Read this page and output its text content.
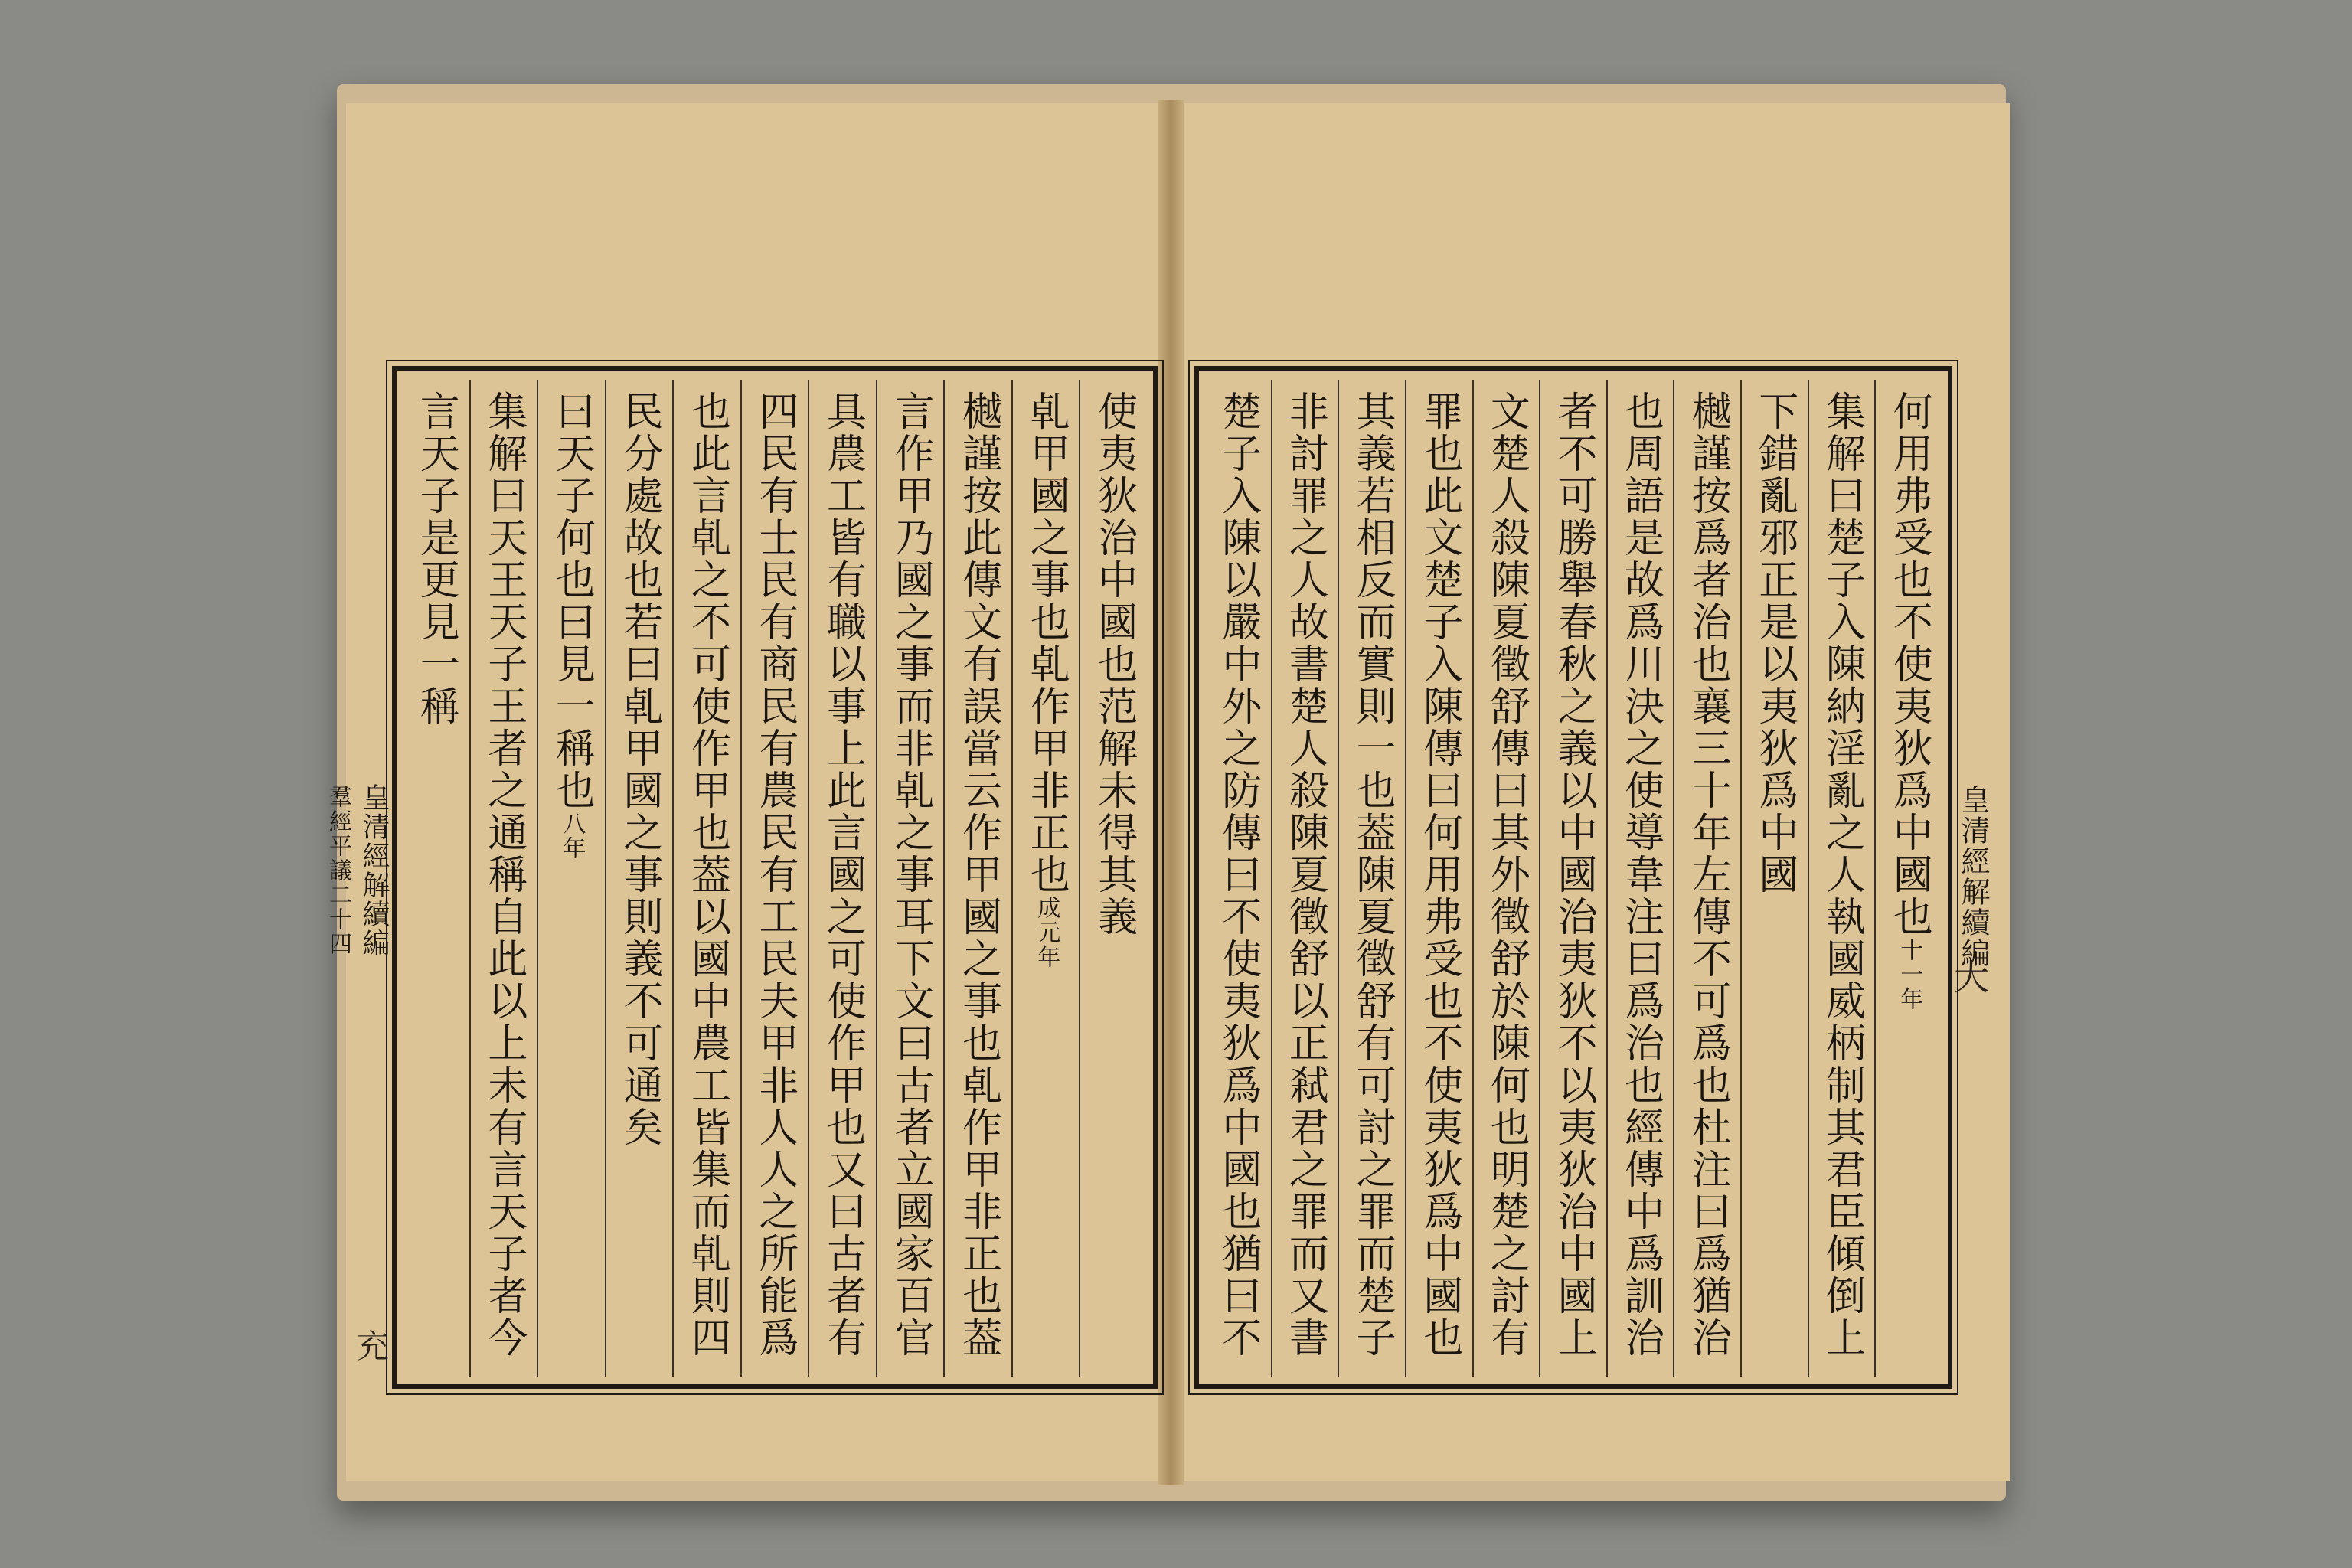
皇清經解續編
羣經平議二十四
充
使夷狄治中國也范解未得其義
𠃵甲國之事也𠃵作甲非正也
成元年
樾謹按此傳文有誤當云作甲國之事也𠃵作甲非正也葢
言作甲乃國之事而非𠃵之事耳下文曰古者立國家百官
具農工皆有職以事上此言國之可使作甲也又曰古者有
四民有士民有商民有農民有工民夫甲非人人之所能爲
也此言𠃵之不可使作甲也葢以國中農工皆集而𠃵則四
民分處故也若曰𠃵甲國之事則義不可通矣
曰天子何也曰見一稱也
八年
集解曰天王天子王者之通稱自此以上未有言天子者今
言天子是更見一稱	何用弗受也不使夷狄爲中國也
十一年
集解曰楚子入陳納淫亂之人執國威柄制其君臣傾倒上
下錯亂邪正是以夷狄爲中國
樾謹按爲者治也襄三十年左傳不可爲也杜注曰爲猶治
也周語是故爲川決之使導韋注曰爲治也經傳中爲訓治
者不可勝舉春秋之義以中國治夷狄不以夷狄治中國上
文楚人殺陳夏徵舒傳曰其外徵舒於陳何也明楚之討有
罪也此文楚子入陳傳曰何用弗受也不使夷狄爲中國也
其義若相反而實則一也葢陳夏徵舒有可討之罪而楚子
非討罪之人故書楚人殺陳夏徵舒以正弒君之罪而又書
楚子入陳以嚴中外之防傳曰不使夷狄爲中國也猶曰不	皇清經解續編
大
